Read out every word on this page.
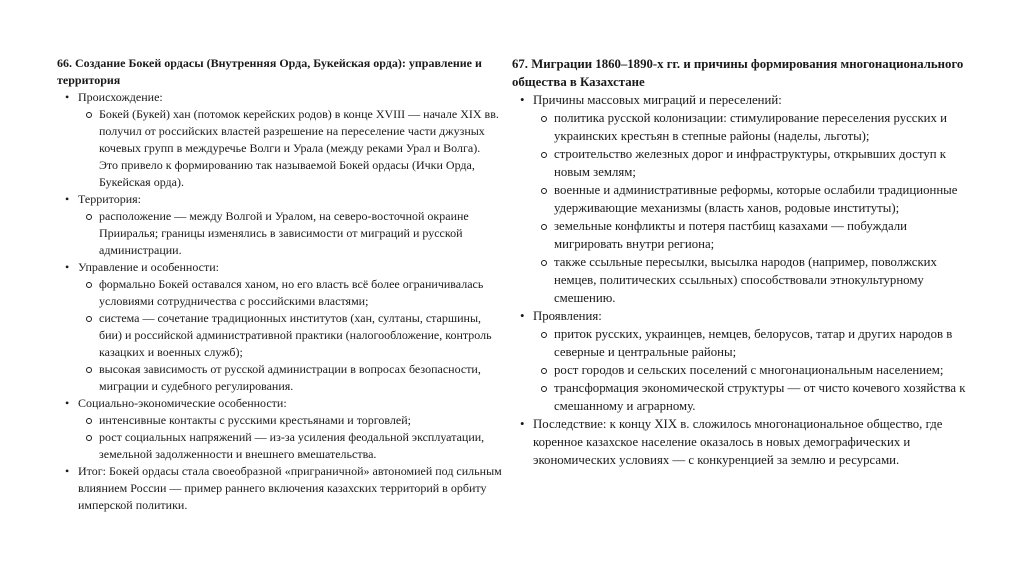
66. Создание Бокей ордасы (Внутренняя Орда, Букейская орда): управление и территория
• Происхождение:
Бокей (Букей) хан (потомок керейских родов) в конце XVIII — начале XIX вв. получил от российских властей разрешение на переселение части джузных кочевых групп в междуречье Волги и Урала (между реками Урал и Волга). Это привело к формированию так называемой Бокей ордасы (Ички Орда, Букейская орда).
• Территория:
расположение — между Волгой и Уралом, на северо-восточной окраине Прииралья; границы изменялись в зависимости от миграций и русской администрации.
• Управление и особенности:
формально Бокей оставался ханом, но его власть всё более ограничивалась условиями сотрудничества с российскими властями;
система — сочетание традиционных институтов (хан, султаны, старшины, бии) и российской административной практики (налогообложение, контроль казацких и военных служб);
высокая зависимость от русской администрации в вопросах безопасности, миграции и судебного регулирования.
• Социально-экономические особенности:
интенсивные контакты с русскими крестьянами и торговлей;
рост социальных напряжений — из-за усиления феодальной эксплуатации, земельной задолженности и внешнего вмешательства.
• Итог: Бокей ордасы стала своеобразной «приграничной» автономией под сильным влиянием России — пример раннего включения казахских территорий в орбиту имперской политики.
67. Миграции 1860–1890-х гг. и причины формирования многонационального общества в Казахстане
• Причины массовых миграций и переселений:
политика русской колонизации: стимулирование переселения русских и украинских крестьян в степные районы (наделы, льготы);
строительство железных дорог и инфраструктуры, открывших доступ к новым землям;
военные и административные реформы, которые ослабили традиционные удерживающие механизмы (власть ханов, родовые институты);
земельные конфликты и потеря пастбищ казахами — побуждали мигрировать внутри региона;
также ссыльные пересылки, высылка народов (например, поволжских немцев, политических ссыльных) способствовали этнокультурному смешению.
• Проявления:
приток русских, украинцев, немцев, белорусов, татар и других народов в северные и центральные районы;
рост городов и сельских поселений с многонациональным населением;
трансформация экономической структуры — от чисто кочевого хозяйства к смешанному и аграрному.
• Последствие: к концу XIX в. сложилось многонациональное общество, где коренное казахское население оказалось в новых демографических и экономических условиях — с конкуренцией за землю и ресурсами.
